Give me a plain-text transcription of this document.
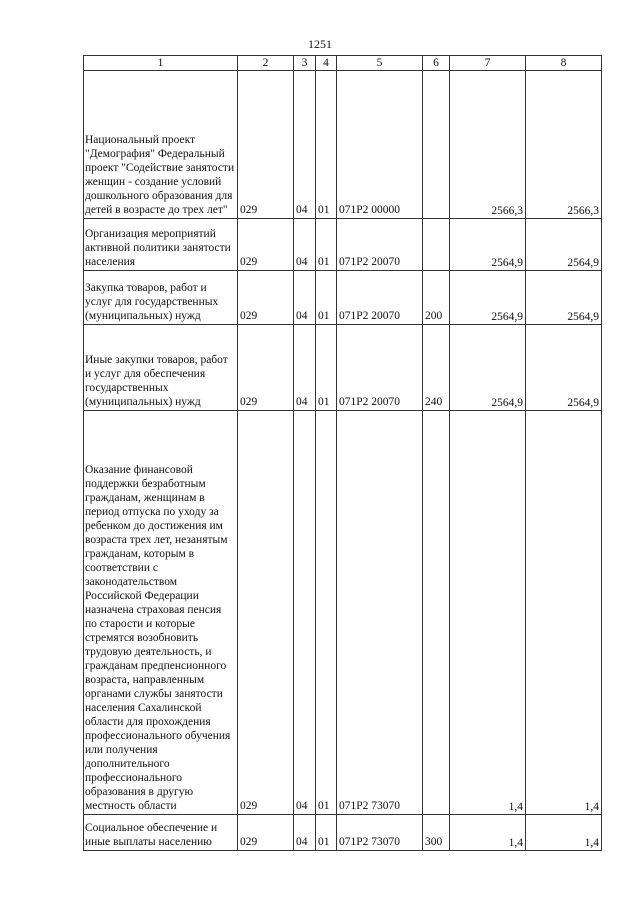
1251
1	2	3	4	5	6	7	8
Национальный проект "Демография" Федеральный проект "Содействие занятости женщин - создание условий дошкольного образования для детей в возрасте до трех лет"	029	04	01	071Р2 00000		2566,3	2566,3
Организация мероприятий активной политики занятости населения	029	04	01	071Р2 20070		2564,9	2564,9
Закупка товаров, работ и услуг для государственных (муниципальных) нужд	029	04	01	071Р2 20070	200	2564,9	2564,9
Иные закупки товаров, работ и услуг для обеспечения государственных (муниципальных) нужд	029	04	01	071Р2 20070	240	2564,9	2564,9
Оказание финансовой поддержки безработным гражданам, женщинам в период отпуска по уходу за ребенком до достижения им возраста трех лет, незанятым гражданам, которым в соответствии с законодательством Российской Федерации назначена страховая пенсия по старости и которые стремятся возобновить трудовую деятельность, и гражданам предпенсионного возраста, направленным органами службы занятости населения Сахалинской области для прохождения профессионального обучения или получения дополнительного профессионального образования в другую местность области	029	04	01	071Р2 73070		1,4	1,4
Социальное обеспечение и иные выплаты населению	029	04	01	071Р2 73070	300	1,4	1,4
